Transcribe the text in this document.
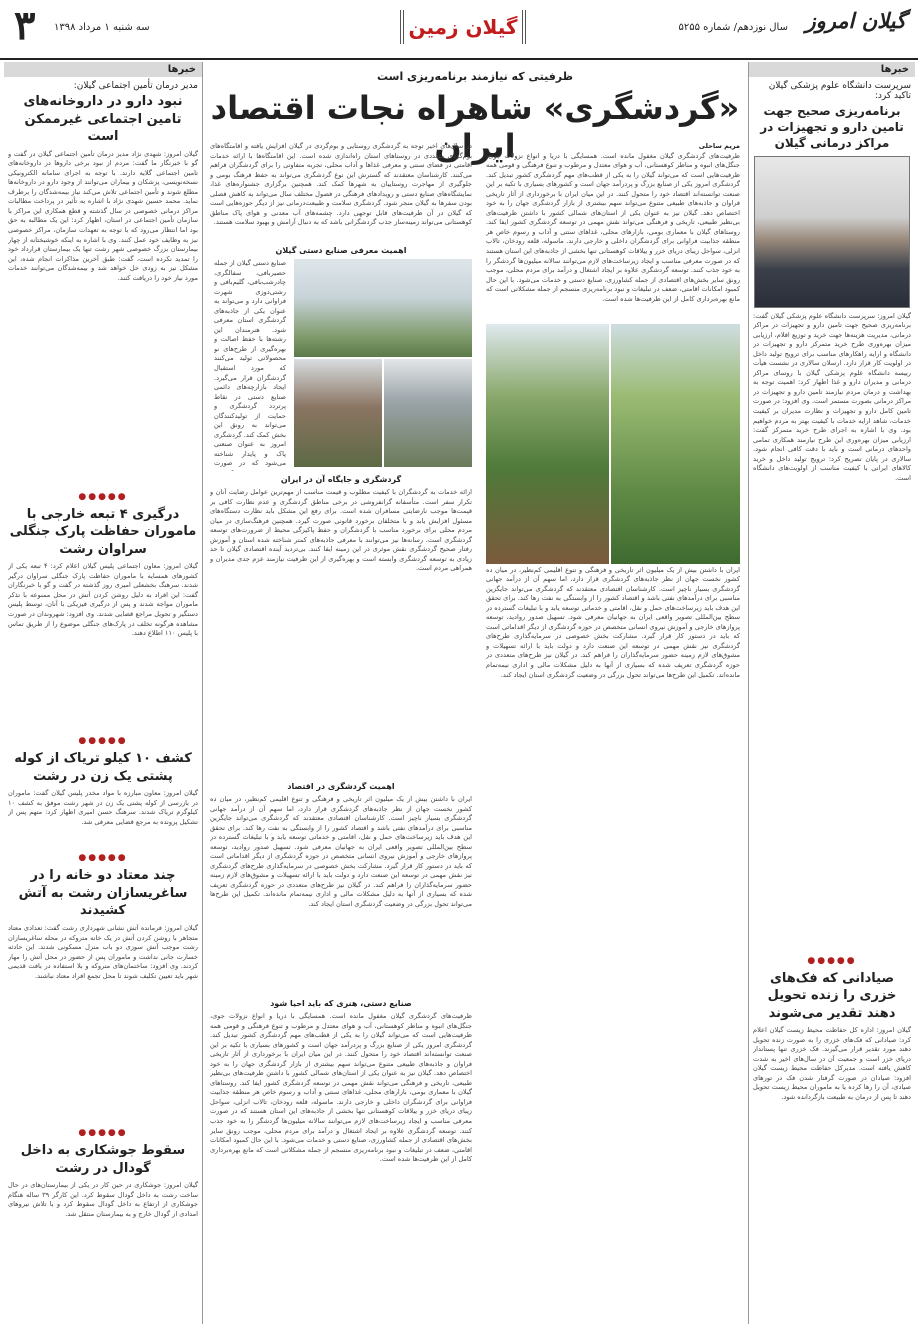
۳ سه شنبه ۱ مرداد ۱۳۹۸	گیلان زمین	سال نوزدهم/ شماره ۵۲۵۵ گیلان امروز
خبرها
مدیر درمان تأمین اجتماعی گیلان:
نبود دارو در داروخانه‌های تامین اجتماعی غیرممکن است
گیلان امروز: شهدی نژاد مدیر درمان تأمین اجتماعی گیلان در گفت و گو با خبرنگار ما گفت: مردم از نبود برخی داروها در داروخانه‌های تامین اجتماعی گلایه دارند. با توجه به اجرای سامانه الکترونیکی نسخه‌نویسی، پزشکان و بیماران می‌توانند از وجود دارو در داروخانه‌ها مطلع شوند و تأمین اجتماعی تلاش می‌کند نیاز بیمه‌شدگان را برطرف نماید. محمد حسین شهدی نژاد با اشاره به تأثیر در پرداخت مطالبات مراکز درمانی خصوصی در سال گذشته و قطع همکاری این مراکز با سازمان تأمین اجتماعی در استان، اظهار کرد: این یک مطالبه به حق بود اما انتظار می‌رود که با توجه به تعهدات سازمان، مراکز خصوصی نیز به وظایف خود عمل کنند. وی با اشاره به اینکه خوشبختانه از چهار بیمارستان بزرگ خصوصی شهر رشت تنها یک بیمارستان قرارداد خود را تمدید نکرده است، گفت: طبق آخرین مذاکرات انجام شده، این مشکل نیز به زودی حل خواهد شد و بیمه‌شدگان می‌توانند خدمات مورد نیاز خود را دریافت کنند.
●●●●●
درگیری ۴ تبعه خارجی با ماموران حفاظت پارک جنگلی سراوان رشت
گیلان امروز: معاون اجتماعی پلیس گیلان اعلام کرد: ۴ تبعه یکی از کشورهای همسایه با ماموران حفاظت پارک جنگلی سراوان درگیر شدند. سرهنگ بخشعلی امیری روز گذشته در گفت و گو با خبرنگاران گفت: این افراد به دلیل روشن کردن آتش در محل ممنوعه با تذکر ماموران مواجه شدند و پس از درگیری فیزیکی با آنان، توسط پلیس دستگیر و تحویل مراجع قضایی شدند. وی افزود: شهروندان در صورت مشاهده هرگونه تخلف در پارک‌های جنگلی موضوع را از طریق تماس با پلیس ۱۱۰ اطلاع دهند.
●●●●●
کشف ۱۰ کیلو تریاک از کوله پشتی یک زن در رشت
گیلان امروز: معاون مبارزه با مواد مخدر پلیس گیلان گفت: ماموران در بازرسی از کوله پشتی یک زن در شهر رشت موفق به کشف ۱۰ کیلوگرم تریاک شدند. سرهنگ حسن امیری اظهار کرد: متهم پس از تشکیل پرونده به مرجع قضایی معرفی شد.
●●●●●
چند معتاد دو خانه را در ساغریسازان رشت به آتش کشیدند
گیلان امروز: فرمانده آتش نشانی شهرداری رشت گفت: تعدادی معتاد متجاهر با روشن کردن آتش در یک خانه متروکه در محله ساغریسازان رشت موجب آتش سوزی دو باب منزل مسکونی شدند. این حادثه خسارت جانی نداشت و ماموران پس از حضور در محل آتش را مهار کردند. وی افزود: ساختمان‌های متروکه و بلا استفاده در بافت قدیمی شهر باید تعیین تکلیف شوند تا محل تجمع افراد معتاد نباشند.
●●●●●
سقوط جوشکاری به داخل گودال در رشت
گیلان امروز: جوشکاری در حین کار در یکی از بیمارستان‌های در حال ساخت رشت به داخل گودال سقوط کرد. این کارگر ۳۹ ساله هنگام جوشکاری از ارتفاع به داخل گودال سقوط کرد و با تلاش نیروهای امدادی از گودال خارج و به بیمارستان منتقل شد.
ظرفیتی که نیازمند برنامه‌ریزی است
«گردشگری» شاهراه نجات اقتصاد ایران	مریم ساحلی
ظرفیت‌های گردشگری گیلان مغفول مانده است. همسایگی با دریا و انواع نزولات جوی، جنگل‌های انبوه و مناظر کوهستانی، آب و هوای معتدل و مرطوب و تنوع فرهنگی و قومی همه ظرفیت‌هایی است که می‌تواند گیلان را به یکی از قطب‌های مهم گردشگری کشور تبدیل کند. گردشگری امروز یکی از صنایع بزرگ و پردرآمد جهان است و کشورهای بسیاری با تکیه بر این صنعت توانسته‌اند اقتصاد خود را متحول کنند. در این میان ایران با برخورداری از آثار تاریخی فراوان و جاذبه‌های طبیعی متنوع می‌تواند سهم بیشتری از بازار گردشگری جهان را به خود اختصاص دهد. گیلان نیز به عنوان یکی از استان‌های شمالی کشور با داشتن ظرفیت‌های بی‌نظیر طبیعی، تاریخی و فرهنگی می‌تواند نقش مهمی در توسعه گردشگری کشور ایفا کند. روستاهای گیلان با معماری بومی، بازارهای محلی، غذاهای سنتی و آداب و رسوم خاص هر منطقه جذابیت فراوانی برای گردشگران داخلی و خارجی دارند. ماسوله، قلعه رودخان، تالاب انزلی، سواحل زیبای دریای خزر و ییلاقات کوهستانی تنها بخشی از جاذبه‌های این استان هستند که در صورت معرفی مناسب و ایجاد زیرساخت‌های لازم می‌توانند سالانه میلیون‌ها گردشگر را به خود جذب کنند. توسعه گردشگری علاوه بر ایجاد اشتغال و درآمد برای مردم محلی، موجب رونق سایر بخش‌های اقتصادی از جمله کشاورزی، صنایع دستی و خدمات می‌شود. با این حال کمبود امکانات اقامتی، ضعف در تبلیغات و نبود برنامه‌ریزی منسجم از جمله مشکلاتی است که مانع بهره‌برداری کامل از این ظرفیت‌ها شده است.
ایران با داشتن بیش از یک میلیون اثر تاریخی و فرهنگی و تنوع اقلیمی کم‌نظیر، در میان ده کشور نخست جهان از نظر جاذبه‌های گردشگری قرار دارد، اما سهم آن از درآمد جهانی گردشگری بسیار ناچیز است. کارشناسان اقتصادی معتقدند که گردشگری می‌تواند جایگزین مناسبی برای درآمدهای نفتی باشد و اقتصاد کشور را از وابستگی به نفت رها کند. برای تحقق این هدف باید زیرساخت‌های حمل و نقل، اقامتی و خدماتی توسعه یابد و با تبلیغات گسترده در سطح بین‌المللی تصویر واقعی ایران به جهانیان معرفی شود. تسهیل صدور روادید، توسعه پروازهای خارجی و آموزش نیروی انسانی متخصص در حوزه گردشگری از دیگر اقداماتی است که باید در دستور کار قرار گیرد. مشارکت بخش خصوصی در سرمایه‌گذاری طرح‌های گردشگری نیز نقش مهمی در توسعه این صنعت دارد و دولت باید با ارائه تسهیلات و مشوق‌های لازم زمینه حضور سرمایه‌گذاران را فراهم کند. در گیلان نیز طرح‌های متعددی در حوزه گردشگری تعریف شده که بسیاری از آنها به دلیل مشکلات مالی و اداری نیمه‌تمام مانده‌اند. تکمیل این طرح‌ها می‌تواند تحول بزرگی در وضعیت گردشگری استان ایجاد کند.
در سال‌های اخیر توجه به گردشگری روستایی و بوم‌گردی در گیلان افزایش یافته و اقامتگاه‌های بوم‌گردی متعددی در روستاهای استان راه‌اندازی شده است. این اقامتگاه‌ها با ارائه خدمات اقامتی در فضای سنتی و معرفی غذاها و آداب محلی، تجربه متفاوتی را برای گردشگران فراهم می‌کنند. کارشناسان معتقدند که گسترش این نوع گردشگری می‌تواند به حفظ فرهنگ بومی و جلوگیری از مهاجرت روستاییان به شهرها کمک کند. همچنین برگزاری جشنواره‌های غذا، نمایشگاه‌های صنایع دستی و رویدادهای فرهنگی در فصول مختلف سال می‌تواند به کاهش فصلی بودن سفرها به گیلان منجر شود. گردشگری سلامت و طبیعت‌درمانی نیز از دیگر حوزه‌هایی است که گیلان در آن ظرفیت‌های قابل توجهی دارد. چشمه‌های آب معدنی و هوای پاک مناطق کوهستانی می‌تواند زمینه‌ساز جذب گردشگرانی باشد که به دنبال آرامش و بهبود سلامت هستند.
اهمیت معرفی صنایع دستی گیلان
صنایع دستی گیلان از جمله حصیربافی، سفالگری، چادرشب‌بافی، گلیم‌بافی و رشتی‌دوزی شهرت فراوانی دارد و می‌تواند به عنوان یکی از جاذبه‌های گردشگری استان معرفی شود. هنرمندان این رشته‌ها با حفظ اصالت و بهره‌گیری از طرح‌های نو محصولاتی تولید می‌کنند که مورد استقبال گردشگران قرار می‌گیرد. ایجاد بازارچه‌های دائمی صنایع دستی در نقاط پرتردد گردشگری و حمایت از تولیدکنندگان می‌تواند به رونق این بخش کمک کند. گردشگری امروز به عنوان صنعتی پاک و پایدار شناخته می‌شود که در صورت
گردشگری و جایگاه آن در ایران
ارائه خدمات به گردشگران با کیفیت مطلوب و قیمت مناسب از مهم‌ترین عوامل رضایت آنان و تکرار سفر است. متأسفانه گرانفروشی در برخی مناطق گردشگری و عدم نظارت کافی بر قیمت‌ها موجب نارضایتی مسافران شده است. برای رفع این مشکل باید نظارت دستگاه‌های مسئول افزایش یابد و با متخلفان برخورد قانونی صورت گیرد. همچنین فرهنگ‌سازی در میان مردم محلی برای برخورد مناسب با گردشگران و حفظ پاکیزگی محیط از ضرورت‌های توسعه گردشگری است. رسانه‌ها نیز می‌توانند با معرفی جاذبه‌های کمتر شناخته شده استان و آموزش رفتار صحیح گردشگری نقش موثری در این زمینه ایفا کنند. بی‌تردید آینده اقتصادی گیلان تا حد زیادی به توسعه گردشگری وابسته است و بهره‌گیری از این ظرفیت نیازمند عزم جدی مدیران و همراهی مردم است.
اهمیت گردشگری در اقتصاد
ایران با داشتن بیش از یک میلیون اثر تاریخی و فرهنگی و تنوع اقلیمی کم‌نظیر، در میان ده کشور نخست جهان از نظر جاذبه‌های گردشگری قرار دارد، اما سهم آن از درآمد جهانی گردشگری بسیار ناچیز است. کارشناسان اقتصادی معتقدند که گردشگری می‌تواند جایگزین مناسبی برای درآمدهای نفتی باشد و اقتصاد کشور را از وابستگی به نفت رها کند. برای تحقق این هدف باید زیرساخت‌های حمل و نقل، اقامتی و خدماتی توسعه یابد و با تبلیغات گسترده در سطح بین‌المللی تصویر واقعی ایران به جهانیان معرفی شود. تسهیل صدور روادید، توسعه پروازهای خارجی و آموزش نیروی انسانی متخصص در حوزه گردشگری از دیگر اقداماتی است که باید در دستور کار قرار گیرد. مشارکت بخش خصوصی در سرمایه‌گذاری طرح‌های گردشگری نیز نقش مهمی در توسعه این صنعت دارد و دولت باید با ارائه تسهیلات و مشوق‌های لازم زمینه حضور سرمایه‌گذاران را فراهم کند. در گیلان نیز طرح‌های متعددی در حوزه گردشگری تعریف شده که بسیاری از آنها به دلیل مشکلات مالی و اداری نیمه‌تمام مانده‌اند. تکمیل این طرح‌ها می‌تواند تحول بزرگی در وضعیت گردشگری استان ایجاد کند.
صنایع دستی، هنری که باید احیا شود
ظرفیت‌های گردشگری گیلان مغفول مانده است. همسایگی با دریا و انواع نزولات جوی، جنگل‌های انبوه و مناظر کوهستانی، آب و هوای معتدل و مرطوب و تنوع فرهنگی و قومی همه ظرفیت‌هایی است که می‌تواند گیلان را به یکی از قطب‌های مهم گردشگری کشور تبدیل کند. گردشگری امروز یکی از صنایع بزرگ و پردرآمد جهان است و کشورهای بسیاری با تکیه بر این صنعت توانسته‌اند اقتصاد خود را متحول کنند. در این میان ایران با برخورداری از آثار تاریخی فراوان و جاذبه‌های طبیعی متنوع می‌تواند سهم بیشتری از بازار گردشگری جهان را به خود اختصاص دهد. گیلان نیز به عنوان یکی از استان‌های شمالی کشور با داشتن ظرفیت‌های بی‌نظیر طبیعی، تاریخی و فرهنگی می‌تواند نقش مهمی در توسعه گردشگری کشور ایفا کند. روستاهای گیلان با معماری بومی، بازارهای محلی، غذاهای سنتی و آداب و رسوم خاص هر منطقه جذابیت فراوانی برای گردشگران داخلی و خارجی دارند. ماسوله، قلعه رودخان، تالاب انزلی، سواحل زیبای دریای خزر و ییلاقات کوهستانی تنها بخشی از جاذبه‌های این استان هستند که در صورت معرفی مناسب و ایجاد زیرساخت‌های لازم می‌توانند سالانه میلیون‌ها گردشگر را به خود جذب کنند. توسعه گردشگری علاوه بر ایجاد اشتغال و درآمد برای مردم محلی، موجب رونق سایر بخش‌های اقتصادی از جمله کشاورزی، صنایع دستی و خدمات می‌شود. با این حال کمبود امکانات اقامتی، ضعف در تبلیغات و نبود برنامه‌ریزی منسجم از جمله مشکلاتی است که مانع بهره‌برداری کامل از این ظرفیت‌ها شده است.
خبرها
سرپرست دانشگاه علوم پزشکی گیلان تاکید کرد:
برنامه‌ریزی صحیح جهت تامین دارو و تجهیزات در مراکز درمانی گیلان
گیلان امروز: سرپرست دانشگاه علوم پزشکی گیلان گفت: برنامه‌ریزی صحیح جهت تامین دارو و تجهیزات در مراکز درمانی، مدیریت هزینه‌ها جهت خرید و توزیع اقلام، ارزیابی میزان بهره‌وری طرح خرید متمرکز دارو و تجهیزات در دانشگاه و ارایه راهکارهای مناسب برای ترویج تولید داخل در اولویت کار قرار دارد. ارسلان سالاری در نشست هیأت رییسه دانشگاه علوم پزشکی گیلان با روسای مراکز درمانی و مدیران دارو و غذا اظهار کرد: اهمیت توجه به بهداشت و درمان مردم نیازمند تامین دارو و تجهیزات در مراکز درمانی بصورت مستمر است. وی افزود: در صورت تامین کامل دارو و تجهیزات و نظارت مدیران بر کیفیت خدمات، شاهد ارایه خدمات با کیفیت بهتر به مردم خواهیم بود. وی با اشاره به اجرای طرح خرید متمرکز گفت: ارزیابی میزان بهره‌وری این طرح نیازمند همکاری تمامی واحدهای درمانی است و باید با دقت کافی انجام شود. سالاری در پایان تصریح کرد: ترویج تولید داخل و خرید کالاهای ایرانی با کیفیت مناسب از اولویت‌های دانشگاه است.
●●●●●
صیادانی که فک‌های خزری را زنده تحویل دهند تقدیر می‌شوند
گیلان امروز: اداره کل حفاظت محیط زیست گیلان اعلام کرد: صیادانی که فک‌های خزری را به صورت زنده تحویل دهند مورد تقدیر قرار می‌گیرند. فک خزری تنها پستاندار دریای خزر است و جمعیت آن در سال‌های اخیر به شدت کاهش یافته است. مدیرکل حفاظت محیط زیست گیلان افزود: صیادان در صورت گرفتار شدن فک در تورهای صیادی، آن را رها کرده یا به ماموران محیط زیست تحویل دهند تا پس از درمان به طبیعت بازگردانده شود.
